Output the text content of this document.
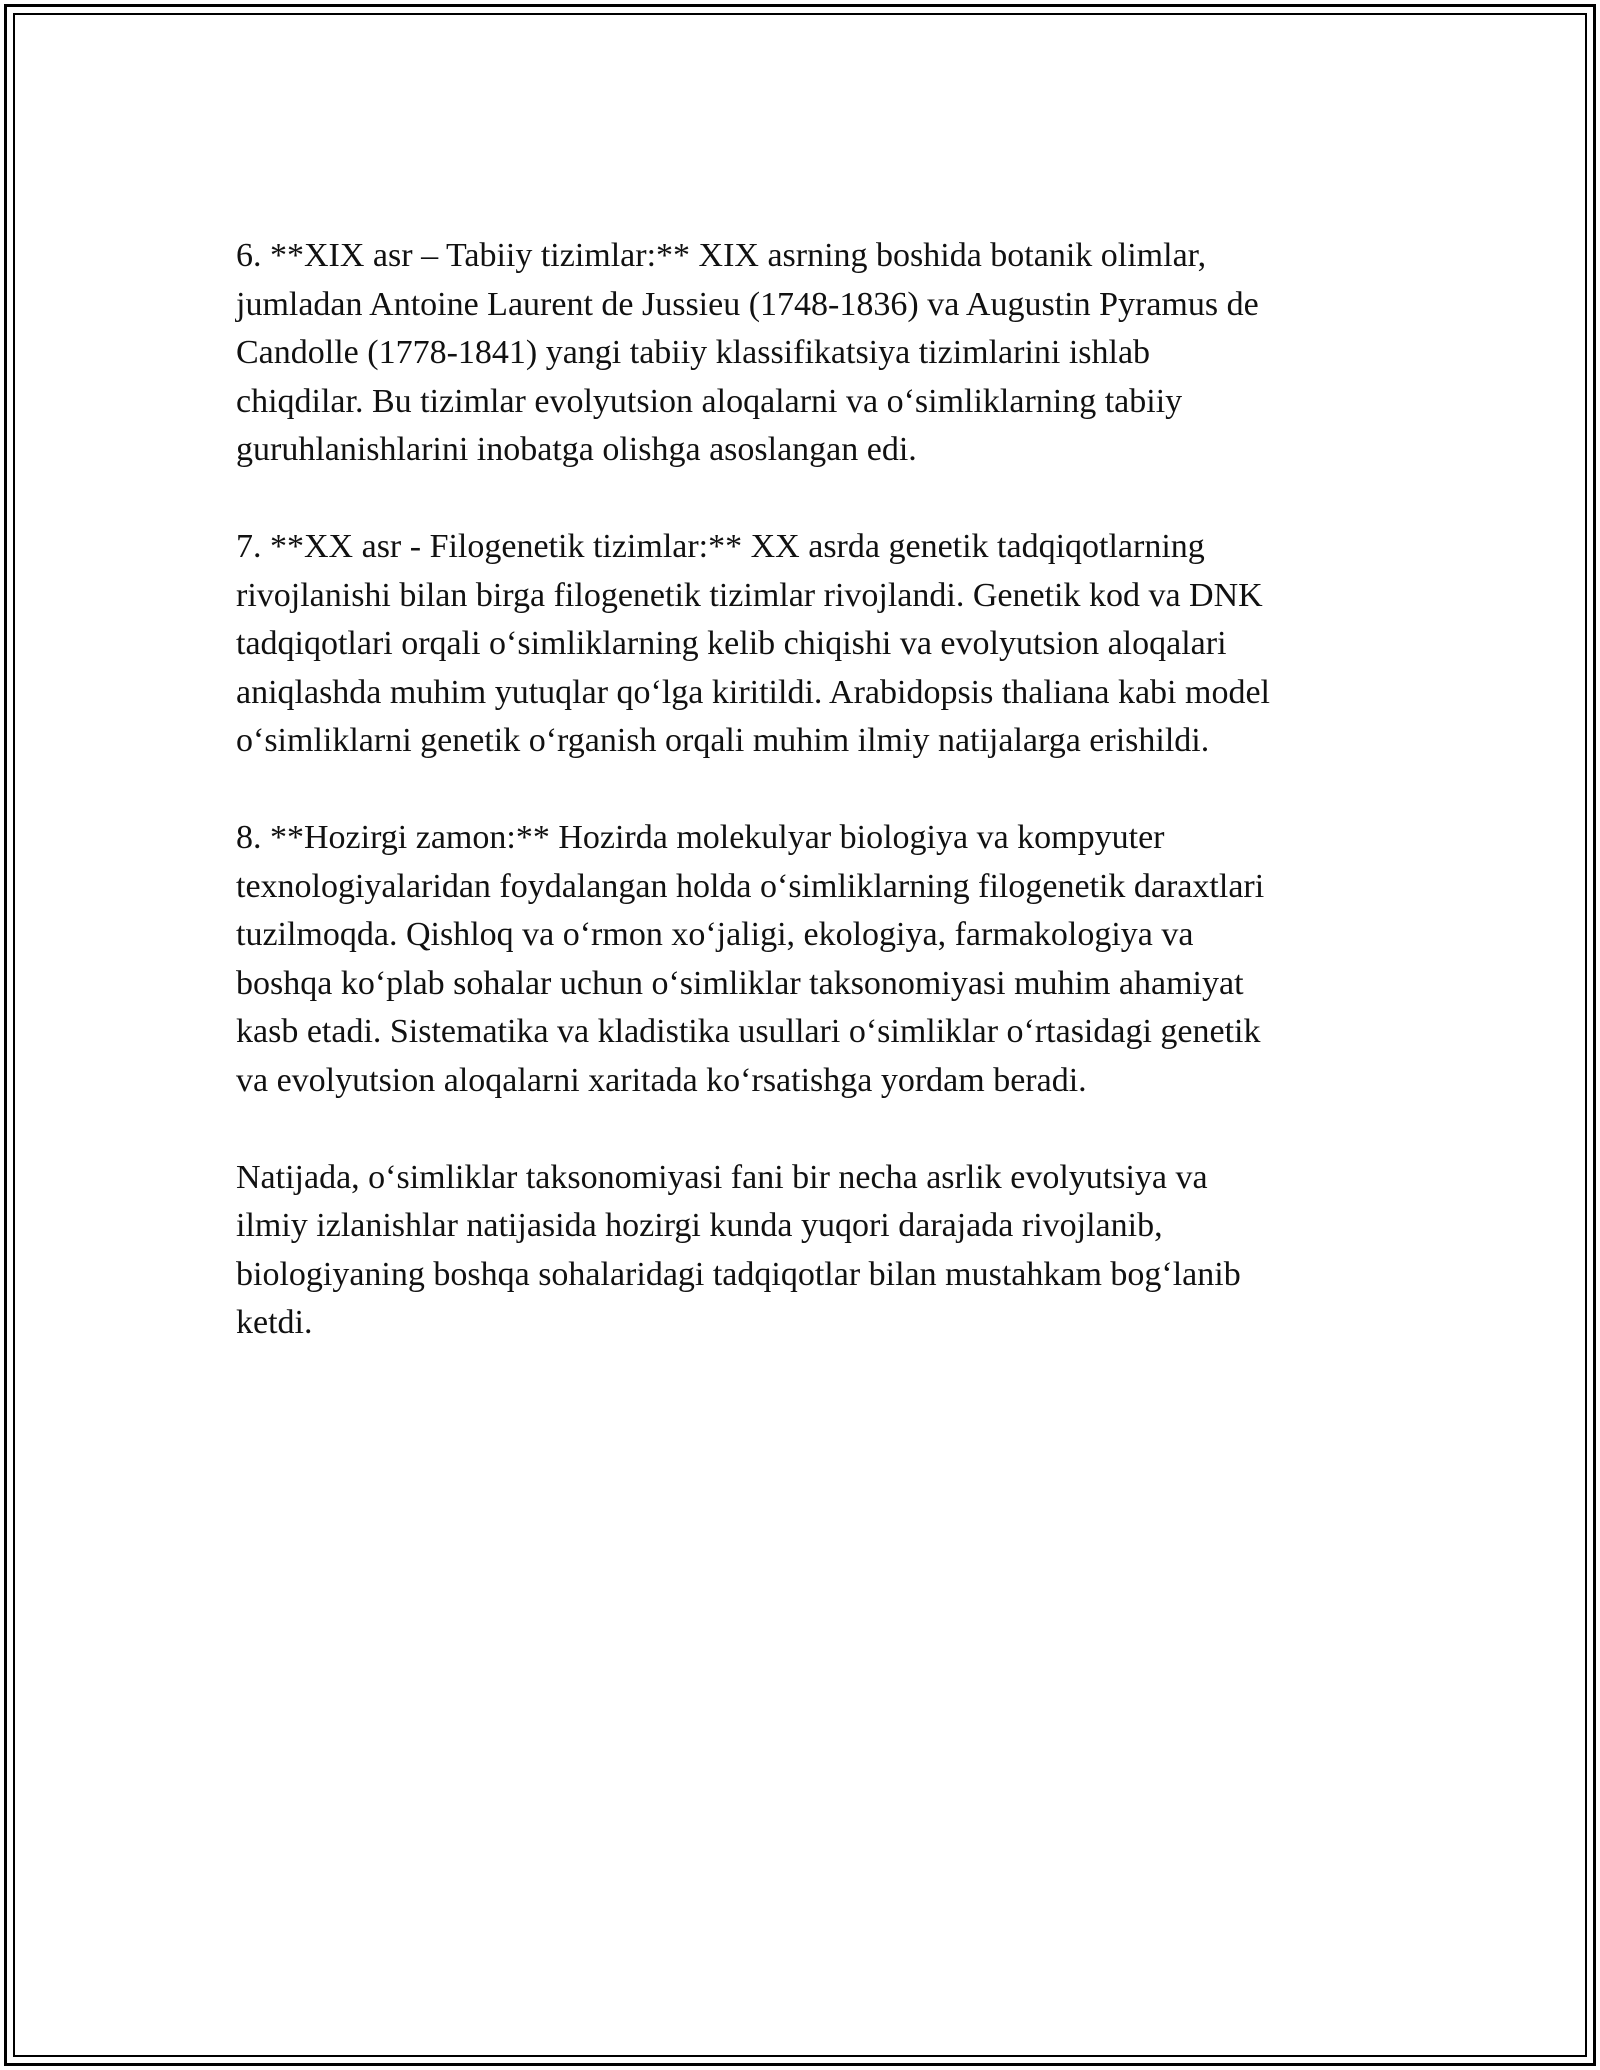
6. **XIX asr – Tabiiy tizimlar:** XIX asrning boshida botanik olimlar,
jumladan Antoine Laurent de Jussieu (1748-1836) va Augustin Pyramus de
Candolle (1778-1841) yangi tabiiy klassifikatsiya tizimlarini ishlab
chiqdilar. Bu tizimlar evolyutsion aloqalarni va o‘simliklarning tabiiy
guruhlanishlarini inobatga olishga asoslangan edi.

7. **XX asr - Filogenetik tizimlar:** XX asrda genetik tadqiqotlarning
rivojlanishi bilan birga filogenetik tizimlar rivojlandi. Genetik kod va DNK
tadqiqotlari orqali o‘simliklarning kelib chiqishi va evolyutsion aloqalari
aniqlashda muhim yutuqlar qo‘lga kiritildi. Arabidopsis thaliana kabi model
o‘simliklarni genetik o‘rganish orqali muhim ilmiy natijalarga erishildi.

8. **Hozirgi zamon:** Hozirda molekulyar biologiya va kompyuter
texnologiyalaridan foydalangan holda o‘simliklarning filogenetik daraxtlari
tuzilmoqda. Qishloq va o‘rmon xo‘jaligi, ekologiya, farmakologiya va
boshqa ko‘plab sohalar uchun o‘simliklar taksonomiyasi muhim ahamiyat
kasb etadi. Sistematika va kladistika usullari o‘simliklar o‘rtasidagi genetik
va evolyutsion aloqalarni xaritada ko‘rsatishga yordam beradi.

Natijada, o‘simliklar taksonomiyasi fani bir necha asrlik evolyutsiya va
ilmiy izlanishlar natijasida hozirgi kunda yuqori darajada rivojlanib,
biologiyaning boshqa sohalaridagi tadqiqotlar bilan mustahkam bog‘lanib
ketdi.
